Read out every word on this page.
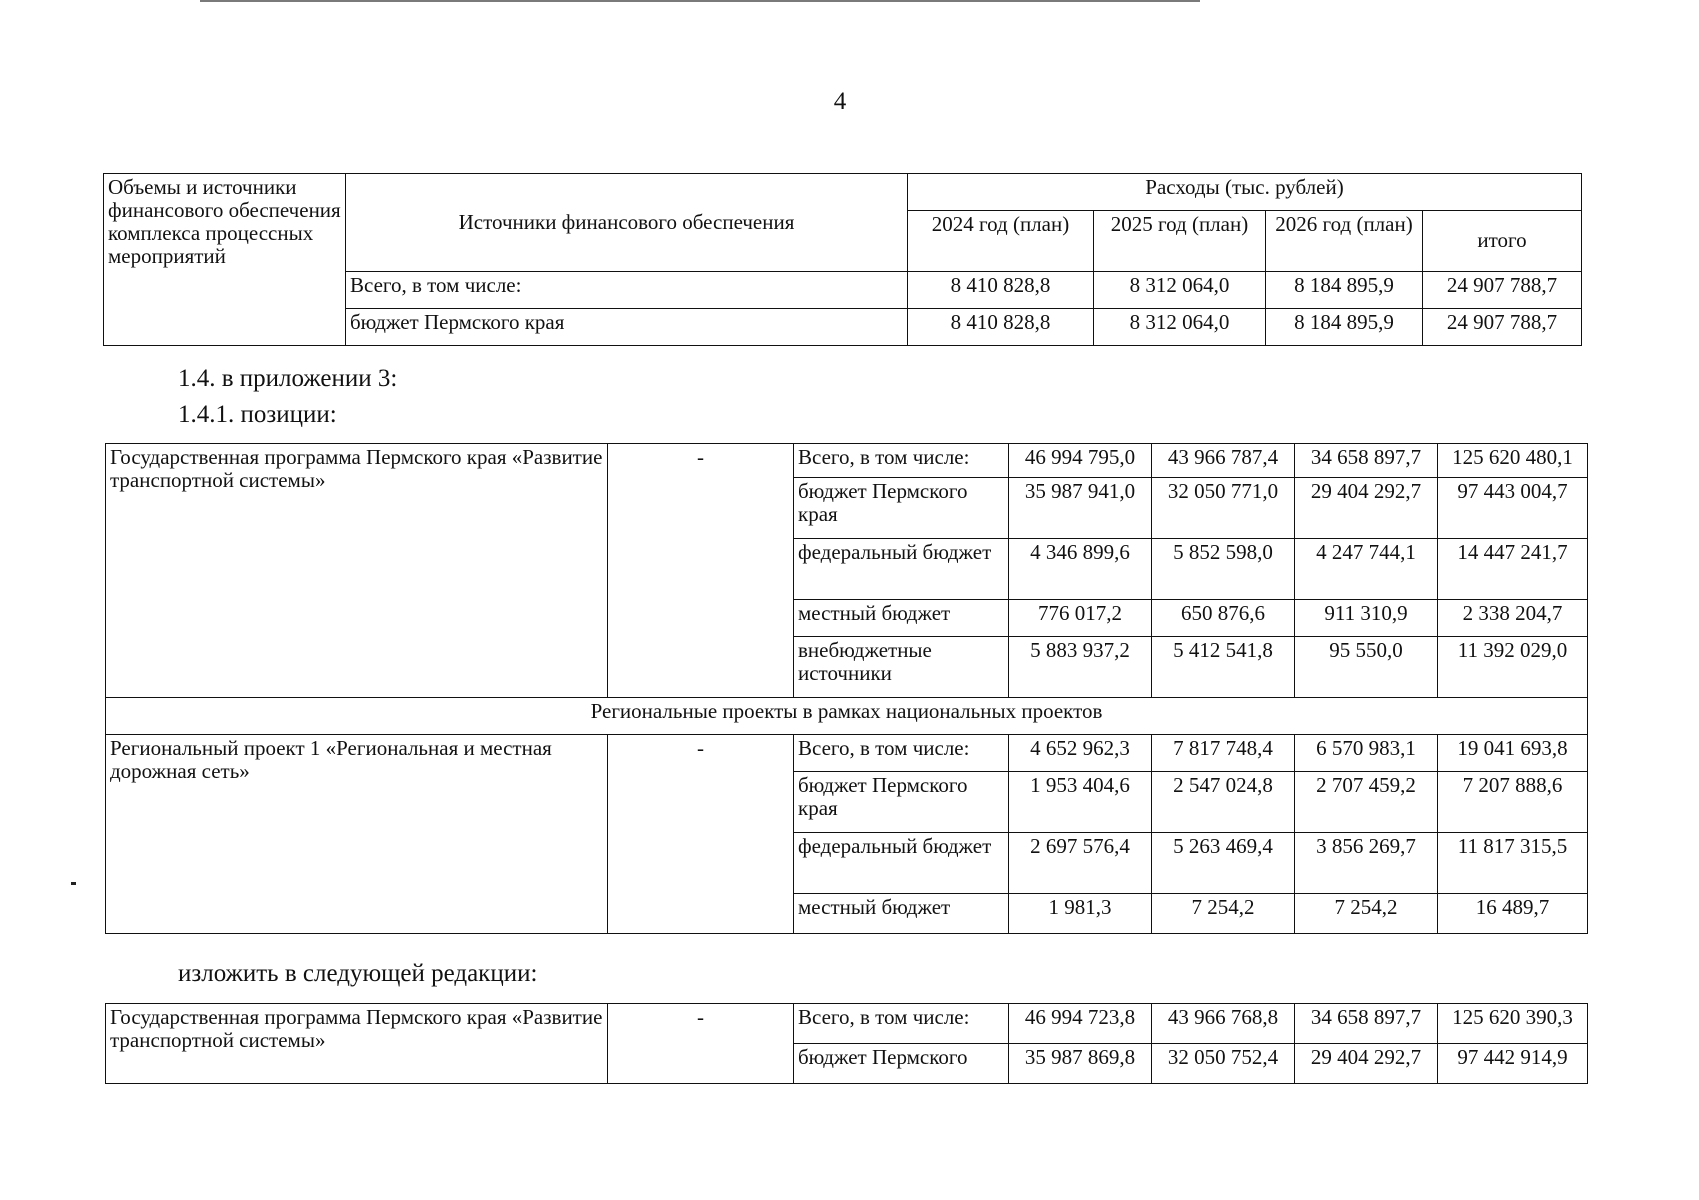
4
Объемы и источники финансового обеспечения комплекса процессных мероприятий	Источники финансового обеспечения	Расходы (тыс. рублей)			
		2024 год (план)	2025 год (план)	2026 год (план)	итого
	Всего, в том числе:	8 410 828,8	8 312 064,0	8 184 895,9	24 907 788,7
	бюджет Пермского края	8 410 828,8	8 312 064,0	8 184 895,9	24 907 788,7
1.4. в приложении 3:
1.4.1. позиции:
Государственная программа Пермского края «Развитие транспортной системы»	-	Всего, в том числе:	46 994 795,0	43 966 787,4	34 658 897,7	125 620 480,1
		бюджет Пермского края	35 987 941,0	32 050 771,0	29 404 292,7	97 443 004,7
		федеральный бюджет	4 346 899,6	5 852 598,0	4 247 744,1	14 447 241,7
		местный бюджет	776 017,2	650 876,6	911 310,9	2 338 204,7
		внебюджетные источники	5 883 937,2	5 412 541,8	95 550,0	11 392 029,0
Региональные проекты в рамках национальных проектов						
Региональный проект 1 «Региональная и местная дорожная сеть»	-	Всего, в том числе:	4 652 962,3	7 817 748,4	6 570 983,1	19 041 693,8
		бюджет Пермского края	1 953 404,6	2 547 024,8	2 707 459,2	7 207 888,6
		федеральный бюджет	2 697 576,4	5 263 469,4	3 856 269,7	11 817 315,5
		местный бюджет	1 981,3	7 254,2	7 254,2	16 489,7
изложить в следующей редакции:
Государственная программа Пермского края «Развитие транспортной системы»	-	Всего, в том числе:	46 994 723,8	43 966 768,8	34 658 897,7	125 620 390,3
		бюджет Пермского	35 987 869,8	32 050 752,4	29 404 292,7	97 442 914,9
